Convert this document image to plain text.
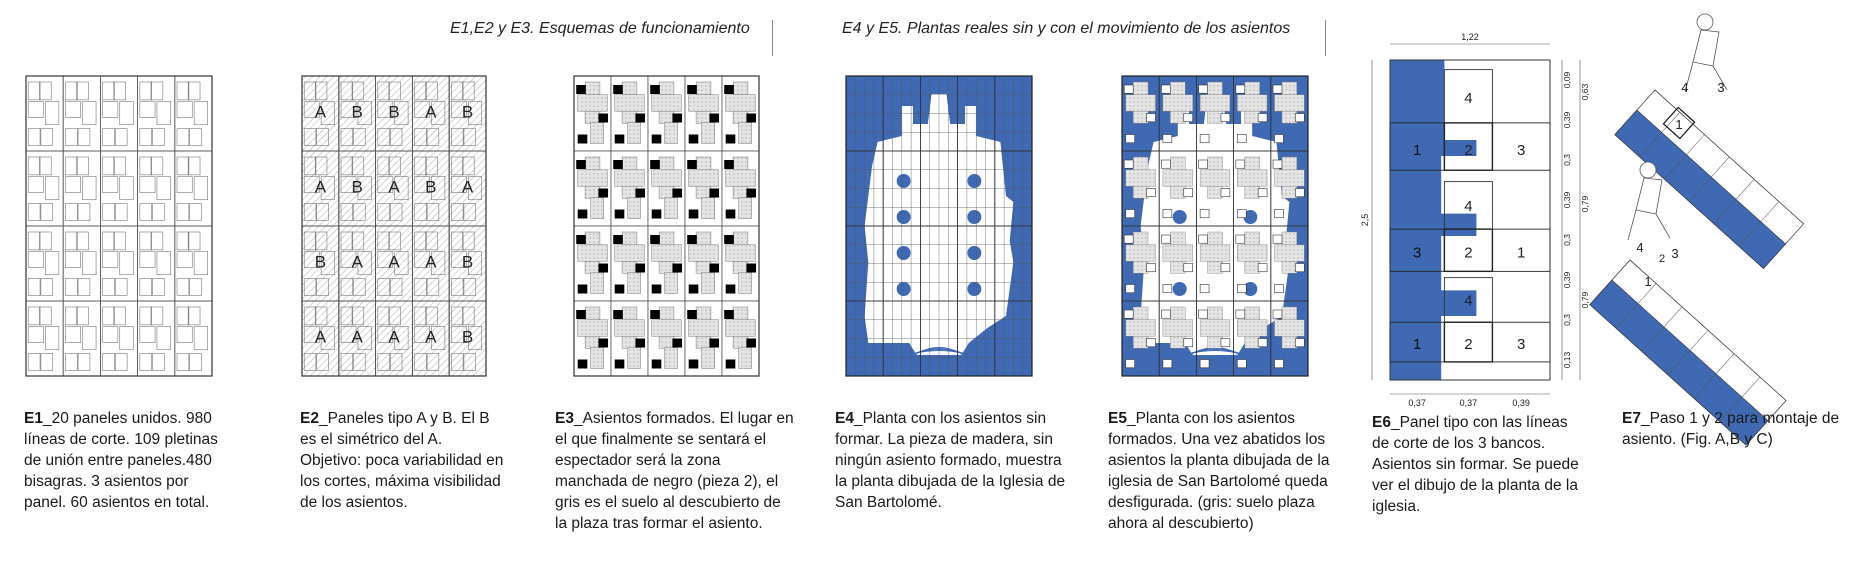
A B B A B
A B A B A
B A A A B
A A A A B
4
1	2	3
4
3	2	1
4
1	2	3
1,22
2,5
0,37	0,37	0,39
0,09
0,39
0,3
0,39
0,3
0,39
0,3
0,13
0,63
0,79
0,79
4 3
1
4
2 3
1
E1,E2 y E3. Esquemas de funcionamiento	E4 y E5. Plantas reales sin y con el movimiento de los asientos
E1_20 paneles unidos. 980 líneas de corte. 109 pletinas de unión entre paneles.480 bisagras. 3 asientos por panel. 60 asientos en total.
E2_Paneles tipo A y B. El B es el simétrico del A. Objetivo: poca variabilidad en los cortes, máxima visibilidad de los asientos.
E3_Asientos formados. El lugar en el que finalmente se sentará el espectador será la zona manchada de negro (pieza 2), el gris es el suelo al descubierto de la plaza tras formar el asiento.
E4_Planta con los asientos sin formar. La pieza de madera, sin ningún asiento formado, muestra la planta dibujada de la Iglesia de San Bartolomé.
E5_Planta con los asientos formados. Una vez abatidos los asientos la planta dibujada de la iglesia de San Bartolomé queda desfigurada. (gris: suelo plaza ahora al descubierto)
E6_Panel tipo con las líneas de corte de los 3 bancos. Asientos sin formar. Se puede ver el dibujo de la planta de la iglesia.
E7_Paso 1 y 2 para montaje de asiento. (Fig. A,B y C)
